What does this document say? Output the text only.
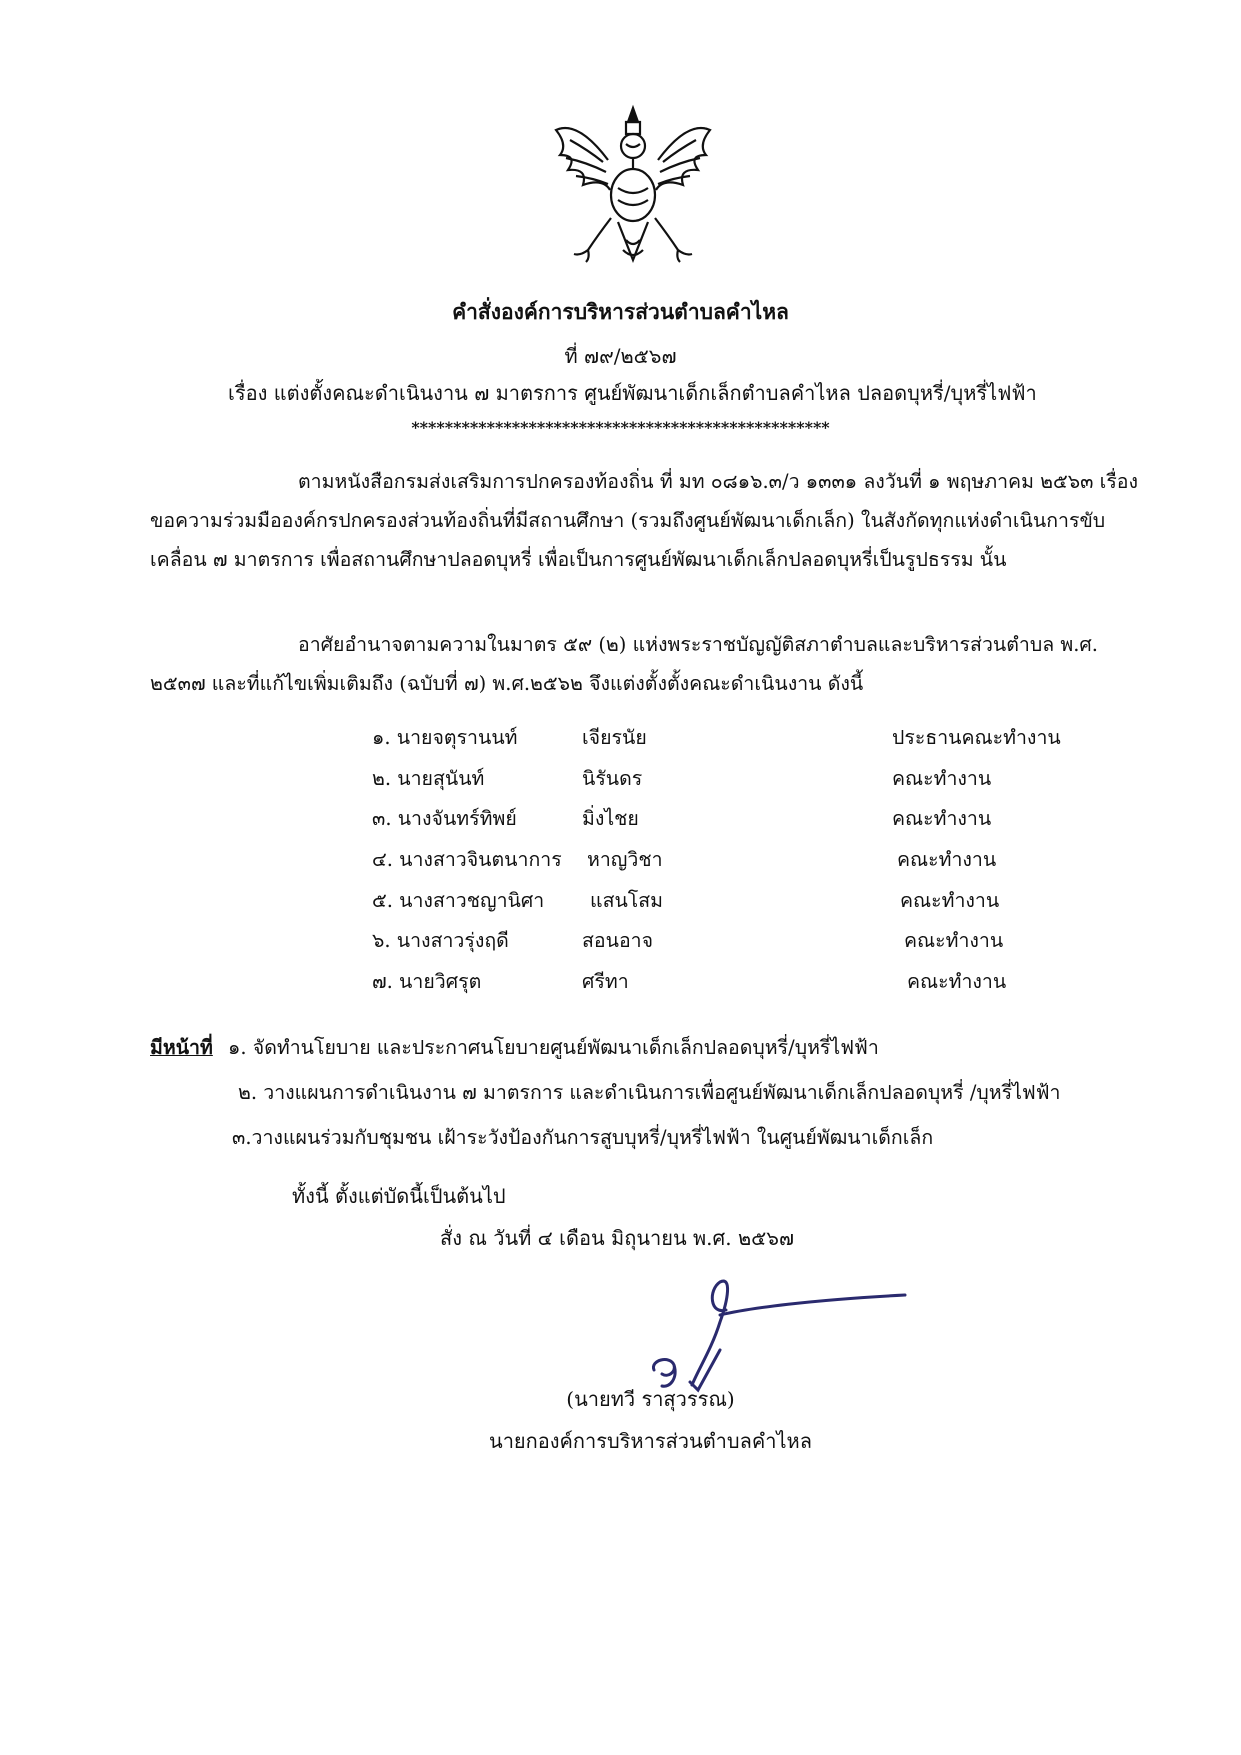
คำสั่งองค์การบริหารส่วนตำบลคำไหล
ที่ ๗๙/๒๕๖๗
เรื่อง แต่งตั้งคณะดำเนินงาน ๗ มาตรการ ศูนย์พัฒนาเด็กเล็กตำบลคำไหล ปลอดบุหรี่/บุหรี่ไฟฟ้า
**************************************************

ตามหนังสือกรมส่งเสริมการปกครองท้องถิ่น ที่ มท ๐๘๑๖.๓/ว ๑๓๓๑ ลงวันที่ ๑ พฤษภาคม ๒๕๖๓ เรื่อง ขอความร่วมมือองค์กรปกครองส่วนท้องถิ่นที่มีสถานศึกษา (รวมถึงศูนย์พัฒนาเด็กเล็ก) ในสังกัดทุกแห่งดำเนินการขับเคลื่อน ๗ มาตรการ เพื่อสถานศึกษาปลอดบุหรี่ เพื่อเป็นการศูนย์พัฒนาเด็กเล็กปลอดบุหรี่เป็นรูปธรรม นั้น

อาศัยอำนาจตามความในมาตร ๕๙ (๒) แห่งพระราชบัญญัติสภาตำบลและบริหารส่วนตำบล พ.ศ. ๒๕๓๗ และที่แก้ไขเพิ่มเติมถึง (ฉบับที่ ๗) พ.ศ.๒๕๖๒ จึงแต่งตั้งตั้งคณะดำเนินงาน ดังนี้

๑. นายจตุรานนท์	เจียรนัย	ประธานคณะทำงาน
๒. นายสุนันท์	นิรันดร	คณะทำงาน
๓. นางจันทร์ทิพย์	มิ่งไชย	คณะทำงาน
๔. นางสาวจินตนาการ หาญวิชา	คณะทำงาน
๕. นางสาวชญานิศา แสนโสม	คณะทำงาน
๖. นางสาวรุ่งฤดี	สอนอาจ	คณะทำงาน
๗. นายวิศรุต	ศรีทา	คณะทำงาน
มีหน้าที่ ๑. จัดทำนโยบาย และประกาศนโยบายศูนย์พัฒนาเด็กเล็กปลอดบุหรี่/บุหรี่ไฟฟ้า
๒. วางแผนการดำเนินงาน ๗ มาตรการ และดำเนินการเพื่อศูนย์พัฒนาเด็กเล็กปลอดบุหรี่ /บุหรี่ไฟฟ้า
๓.วางแผนร่วมกับชุมชน เฝ้าระวังป้องกันการสูบบุหรี่/บุหรี่ไฟฟ้า ในศูนย์พัฒนาเด็กเล็ก
ทั้งนี้ ตั้งแต่บัดนี้เป็นต้นไป
สั่ง ณ วันที่ ๔ เดือน มิถุนายน พ.ศ. ๒๕๖๗
(นายทวี ราสุวรรณ)
นายกองค์การบริหารส่วนตำบลคำไหล
